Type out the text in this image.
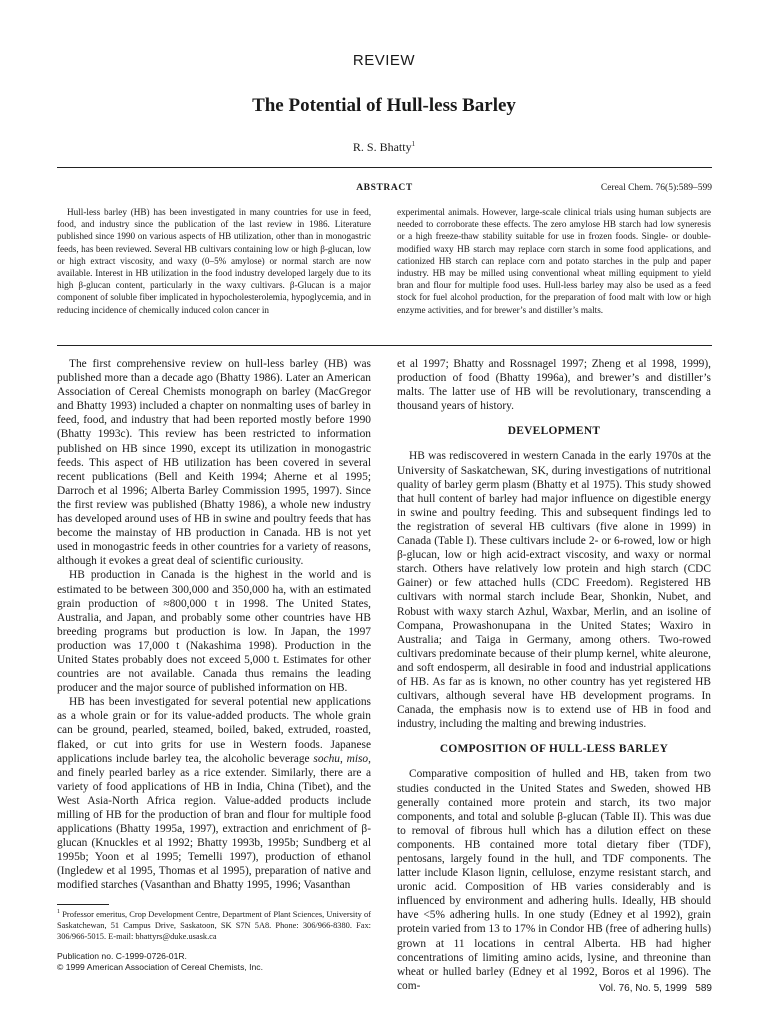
REVIEW
The Potential of Hull-less Barley
R. S. Bhatty$^1$
ABSTRACT	Cereal Chem. 76(5):589–599

Hull-less barley (HB) has been investigated in many countries for use in feed, food, and industry since the publication of the last review in 1986. Literature published since 1990 on various aspects of HB utilization, other than in monogastric feeds, has been reviewed. Several HB cultivars containing low or high β-glucan, low or high extract viscosity, and waxy (0–5% amylose) or normal starch are now available. Interest in HB utilization in the food industry developed largely due to its high β-glucan content, particularly in the waxy cultivars. β-Glucan is a major component of soluble fiber implicated in hypocholesterolemia, hypoglycemia, and in reducing incidence of chemically induced colon cancer in

experimental animals. However, large-scale clinical trials using human subjects are needed to corroborate these effects. The zero amylose HB starch had low syneresis or a high freeze-thaw stability suitable for use in frozen foods. Single- or double-modified waxy HB starch may replace corn starch in some food applications, and cationized HB starch can replace corn and potato starches in the pulp and paper industry. HB may be milled using conventional wheat milling equipment to yield bran and flour for multiple food uses. Hull-less barley may also be used as a feed stock for fuel alcohol production, for the preparation of food malt with low or high enzyme activities, and for brewer’s and distiller’s malts.

The first comprehensive review on hull-less barley (HB) was published more than a decade ago (Bhatty 1986). Later an American Association of Cereal Chemists monograph on barley (MacGregor and Bhatty 1993) included a chapter on nonmalting uses of barley in feed, food, and industry that had been reported mostly before 1990 (Bhatty 1993c). This review has been restricted to information published on HB since 1990, except its utilization in monogastric feeds. This aspect of HB utilization has been covered in several recent publications (Bell and Keith 1994; Aherne et al 1995; Darroch et al 1996; Alberta Barley Commission 1995, 1997). Since the first review was published (Bhatty 1986), a whole new industry has developed around uses of HB in swine and poultry feeds that has become the mainstay of HB production in Canada. HB is not yet used in monogastric feeds in other countries for a variety of reasons, although it evokes a great deal of scientific curiousity.

HB production in Canada is the highest in the world and is estimated to be between 300,000 and 350,000 ha, with an estimated grain production of ≈800,000 t in 1998. The United States, Australia, and Japan, and probably some other countries have HB breeding programs but production is low. In Japan, the 1997 production was 17,000 t (Nakashima 1998). Production in the United States probably does not exceed 5,000 t. Estimates for other countries are not available. Canada thus remains the leading producer and the major source of published information on HB.

HB has been investigated for several potential new applications as a whole grain or for its value-added products. The whole grain can be ground, pearled, steamed, boiled, baked, extruded, roasted, flaked, or cut into grits for use in Western foods. Japanese applications include barley tea, the alcoholic beverage sochu, miso, and finely pearled barley as a rice extender. Similarly, there are a variety of food applications of HB in India, China (Tibet), and the West Asia-North Africa region. Value-added products include milling of HB for the production of bran and flour for multiple food applications (Bhatty 1995a, 1997), extraction and enrichment of β-glucan (Knuckles et al 1992; Bhatty 1993b, 1995b; Sundberg et al 1995b; Yoon et al 1995; Temelli 1997), production of ethanol (Ingledew et al 1995, Thomas et al 1995), preparation of native and modified starches (Vasanthan and Bhatty 1995, 1996; Vasanthan

et al 1997; Bhatty and Rossnagel 1997; Zheng et al 1998, 1999), production of food (Bhatty 1996a), and brewer’s and distiller’s malts. The latter use of HB will be revolutionary, transcending a thousand years of history.

DEVELOPMENT

HB was rediscovered in western Canada in the early 1970s at the University of Saskatchewan, SK, during investigations of nutritional quality of barley germ plasm (Bhatty et al 1975). This study showed that hull content of barley had major influence on digestible energy in swine and poultry feeding. This and subsequent findings led to the registration of several HB cultivars (five alone in 1999) in Canada (Table I). These cultivars include 2- or 6-rowed, low or high β-glucan, low or high acid-extract viscosity, and waxy or normal starch. Others have relatively low protein and high starch (CDC Gainer) or few attached hulls (CDC Freedom). Registered HB cultivars with normal starch include Bear, Shonkin, Nubet, and Robust with waxy starch Azhul, Waxbar, Merlin, and an isoline of Compana, Prowashonupana in the United States; Waxiro in Australia; and Taiga in Germany, among others. Two-rowed cultivars predominate because of their plump kernel, white aleurone, and soft endosperm, all desirable in food and industrial applications of HB. As far as is known, no other country has yet registered HB cultivars, although several have HB development programs. In Canada, the emphasis now is to extend use of HB in food and industry, including the malting and brewing industries.

COMPOSITION OF HULL-LESS BARLEY

Comparative composition of hulled and HB, taken from two studies conducted in the United States and Sweden, showed HB generally contained more protein and starch, its two major components, and total and soluble β-glucan (Table II). This was due to removal of fibrous hull which has a dilution effect on these components. HB contained more total dietary fiber (TDF), pentosans, largely found in the hull, and TDF components. The latter include Klason lignin, cellulose, enzyme resistant starch, and uronic acid. Composition of HB varies considerably and is influenced by environment and adhering hulls. Ideally, HB should have <5% adhering hulls. In one study (Edney et al 1992), grain protein varied from 13 to 17% in Condor HB (free of adhering hulls) grown at 11 locations in central Alberta. HB had higher concentrations of limiting amino acids, lysine, and threonine than wheat or hulled barley (Edney et al 1992, Boros et al 1996). The com-

$^1$ Professor emeritus, Crop Development Centre, Department of Plant Sciences, University of Saskatchewan, 51 Campus Drive, Saskatoon, SK S7N 5A8. Phone: 306/966-8380. Fax: 306/966-5015. E-mail: bhattyrs@duke.usask.ca
Publication no. C-1999-0726-01R.
© 1999 American Association of Cereal Chemists, Inc.
Vol. 76, No. 5, 1999   589
